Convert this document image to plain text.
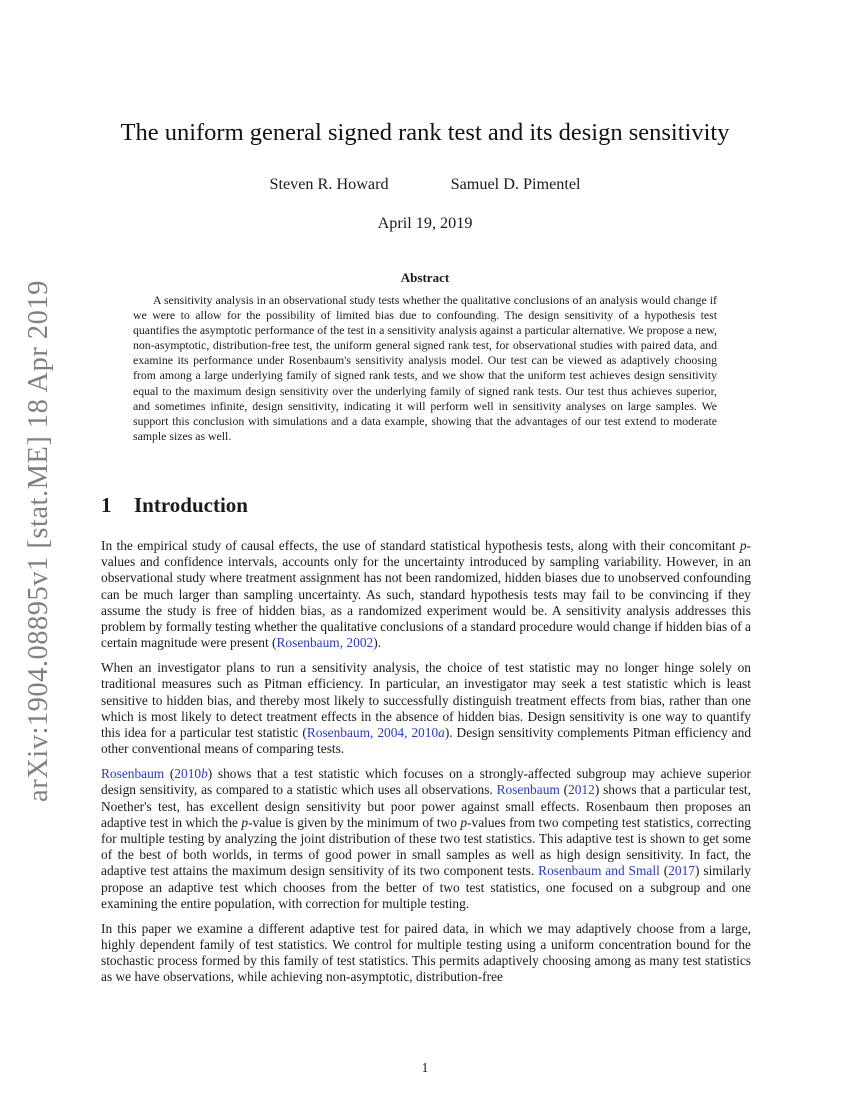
arXiv:1904.08895v1 [stat.ME] 18 Apr 2019
The uniform general signed rank test and its design sensitivity
Steven R. Howard	Samuel D. Pimentel
April 19, 2019
Abstract

A sensitivity analysis in an observational study tests whether the qualitative conclusions of an analysis would change if we were to allow for the possibility of limited bias due to confounding. The design sensitivity of a hypothesis test quantifies the asymptotic performance of the test in a sensitivity analysis against a particular alternative. We propose a new, non-asymptotic, distribution-free test, the uniform general signed rank test, for observational studies with paired data, and examine its performance under Rosenbaum's sensitivity analysis model. Our test can be viewed as adaptively choosing from among a large underlying family of signed rank tests, and we show that the uniform test achieves design sensitivity equal to the maximum design sensitivity over the underlying family of signed rank tests. Our test thus achieves superior, and sometimes infinite, design sensitivity, indicating it will perform well in sensitivity analyses on large samples. We support this conclusion with simulations and a data example, showing that the advantages of our test extend to moderate sample sizes as well.

1 Introduction

In the empirical study of causal effects, the use of standard statistical hypothesis tests, along with their concomitant p-values and confidence intervals, accounts only for the uncertainty introduced by sampling variability. However, in an observational study where treatment assignment has not been randomized, hidden biases due to unobserved confounding can be much larger than sampling uncertainty. As such, standard hypothesis tests may fail to be convincing if they assume the study is free of hidden bias, as a randomized experiment would be. A sensitivity analysis addresses this problem by formally testing whether the qualitative conclusions of a standard procedure would change if hidden bias of a certain magnitude were present (Rosenbaum, 2002).

When an investigator plans to run a sensitivity analysis, the choice of test statistic may no longer hinge solely on traditional measures such as Pitman efficiency. In particular, an investigator may seek a test statistic which is least sensitive to hidden bias, and thereby most likely to successfully distinguish treatment effects from bias, rather than one which is most likely to detect treatment effects in the absence of hidden bias. Design sensitivity is one way to quantify this idea for a particular test statistic (Rosenbaum, 2004, 2010a). Design sensitivity complements Pitman efficiency and other conventional means of comparing tests.

Rosenbaum (2010b) shows that a test statistic which focuses on a strongly-affected subgroup may achieve superior design sensitivity, as compared to a statistic which uses all observations. Rosenbaum (2012) shows that a particular test, Noether's test, has excellent design sensitivity but poor power against small effects. Rosenbaum then proposes an adaptive test in which the p-value is given by the minimum of two p-values from two competing test statistics, correcting for multiple testing by analyzing the joint distribution of these two test statistics. This adaptive test is shown to get some of the best of both worlds, in terms of good power in small samples as well as high design sensitivity. In fact, the adaptive test attains the maximum design sensitivity of its two component tests. Rosenbaum and Small (2017) similarly propose an adaptive test which chooses from the better of two test statistics, one focused on a subgroup and one examining the entire population, with correction for multiple testing.

In this paper we examine a different adaptive test for paired data, in which we may adaptively choose from a large, highly dependent family of test statistics. We control for multiple testing using a uniform concentration bound for the stochastic process formed by this family of test statistics. This permits adaptively choosing among as many test statistics as we have observations, while achieving non-asymptotic, distribution-free

1
